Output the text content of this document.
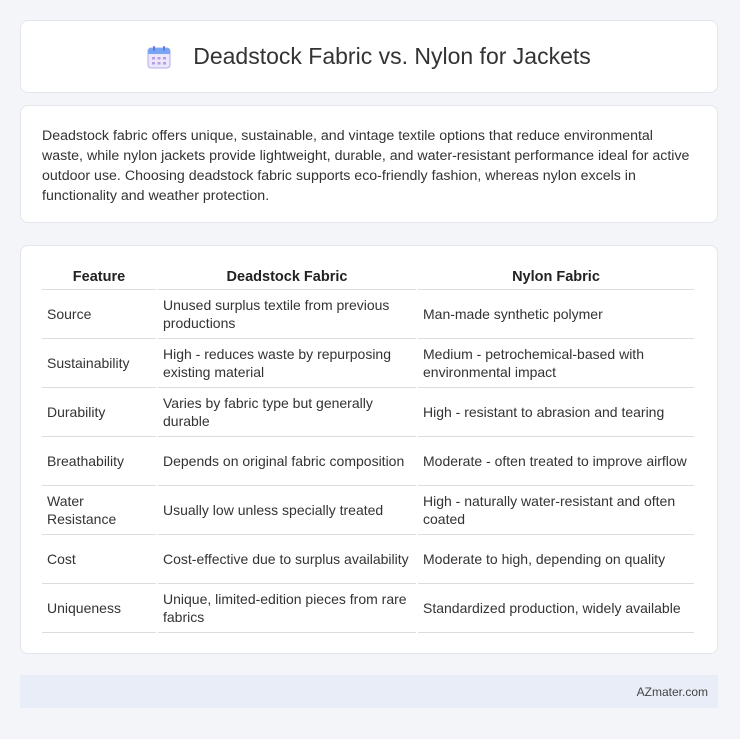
Deadstock Fabric vs. Nylon for Jackets

Deadstock fabric offers unique, sustainable, and vintage textile options that reduce environmental waste, while nylon jackets provide lightweight, durable, and water-resistant performance ideal for active outdoor use. Choosing deadstock fabric supports eco-friendly fashion, whereas nylon excels in functionality and weather protection.

Feature	Deadstock Fabric	Nylon Fabric
Source	Unused surplus textile from previous productions	Man-made synthetic polymer
Sustainability	High - reduces waste by repurposing existing material	Medium - petrochemical-based with environmental impact
Durability	Varies by fabric type but generally durable	High - resistant to abrasion and tearing
Breathability	Depends on original fabric composition	Moderate - often treated to improve airflow
Water Resistance	Usually low unless specially treated	High - naturally water-resistant and often coated
Cost	Cost-effective due to surplus availability	Moderate to high, depending on quality
Uniqueness	Unique, limited-edition pieces from rare fabrics	Standardized production, widely available
AZmater.com
